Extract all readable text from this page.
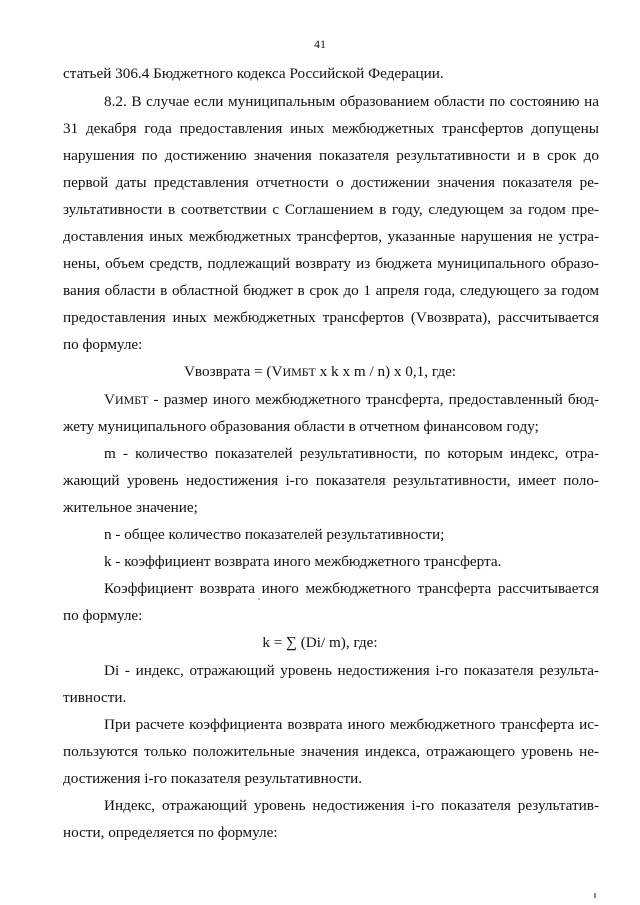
41
статьей 306.4 Бюджетного кодекса Российской Федерации.
8.2. В случае если муниципальным образованием области по состоянию на
31 декабря года предоставления иных межбюджетных трансфертов допущены
нарушения по достижению значения показателя результативности и в срок до
первой даты представления отчетности о достижении значения показателя ре-
зультативности в соответствии с Соглашением в году, следующем за годом пре-
доставления иных межбюджетных трансфертов, указанные нарушения не устра-
нены, объем средств, подлежащий возврату из бюджета муниципального образо-
вания области в областной бюджет в срок до 1 апреля года, следующего за годом
предоставления иных межбюджетных трансфертов (Vвозврата), рассчитывается
по формуле:
Vвозврата = (VИМБТ x k x m / n) x 0,1, где:
VИМБТ - размер иного межбюджетного трансферта, предоставленный бюд-
жету муниципального образования области в отчетном финансовом году;
m - количество показателей результативности, по которым индекс, отра-
жающий уровень недостижения i-го показателя результативности, имеет поло-
жительное значение;
n - общее количество показателей результативности;
k - коэффициент возврата иного межбюджетного трансферта.
Коэффициент возврата иного межбюджетного трансферта рассчитывается
по формуле:
k = ∑ (Di/ m), где:
Di - индекс, отражающий уровень недостижения i-го показателя результа-
тивности.
При расчете коэффициента возврата иного межбюджетного трансферта ис-
пользуются только положительные значения индекса, отражающего уровень не-
достижения i-го показателя результативности.
Индекс, отражающий уровень недостижения i-го показателя результатив-
ности, определяется по формуле:
